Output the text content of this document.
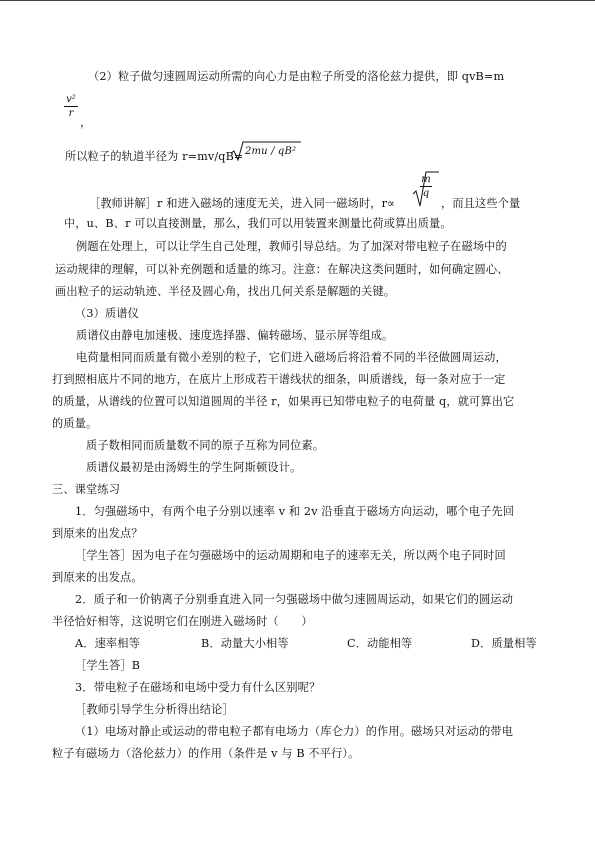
（2）粒子做匀速圆周运动所需的向心力是由粒子所受的洛伦兹力提供，即 qvB=m
v²
r
，
所以粒子的轨道半径为 r=mv/qB= 2mu / qB²
［教师讲解］r 和进入磁场的速度无关，进入同一磁场时，r∝
m
q
，而且这些个量
中，u、B、r 可以直接测量，那么，我们可以用装置来测量比荷或算出质量。
例题在处理上，可以让学生自己处理，教师引导总结。为了加深对带电粒子在磁场中的
运动规律的理解，可以补充例题和适量的练习。注意：在解决这类问题时，如何确定圆心、
画出粒子的运动轨迹、半径及圆心角，找出几何关系是解题的关键。
（3）质谱仪
质谱仪由静电加速极、速度选择器、偏转磁场、显示屏等组成。
电荷量相同而质量有微小差别的粒子，它们进入磁场后将沿着不同的半径做圆周运动，
打到照相底片不同的地方，在底片上形成若干谱线状的细条，叫质谱线，每一条对应于一定
的质量，从谱线的位置可以知道圆周的半径 r，如果再已知带电粒子的电荷量 q，就可算出它
的质量。
质子数相同而质量数不同的原子互称为同位素。
质谱仪最初是由汤姆生的学生阿斯顿设计。
三、课堂练习
1．匀强磁场中，有两个电子分别以速率 v 和 2v 沿垂直于磁场方向运动，哪个电子先回
到原来的出发点？
［学生答］因为电子在匀强磁场中的运动周期和电子的速率无关，所以两个电子同时回
到原来的出发点。
2．质子和一价钠离子分别垂直进入同一匀强磁场中做匀速圆周运动，如果它们的圆运动
半径恰好相等，这说明它们在刚进入磁场时（　　）
A．速率相等	B．动量大小相等	C．动能相等	D．质量相等
［学生答］B
3．带电粒子在磁场和电场中受力有什么区别呢？
［教师引导学生分析得出结论］
（1）电场对静止或运动的带电粒子都有电场力（库仑力）的作用。磁场只对运动的带电
粒子有磁场力（洛伦兹力）的作用（条件是 v 与 B 不平行）。
